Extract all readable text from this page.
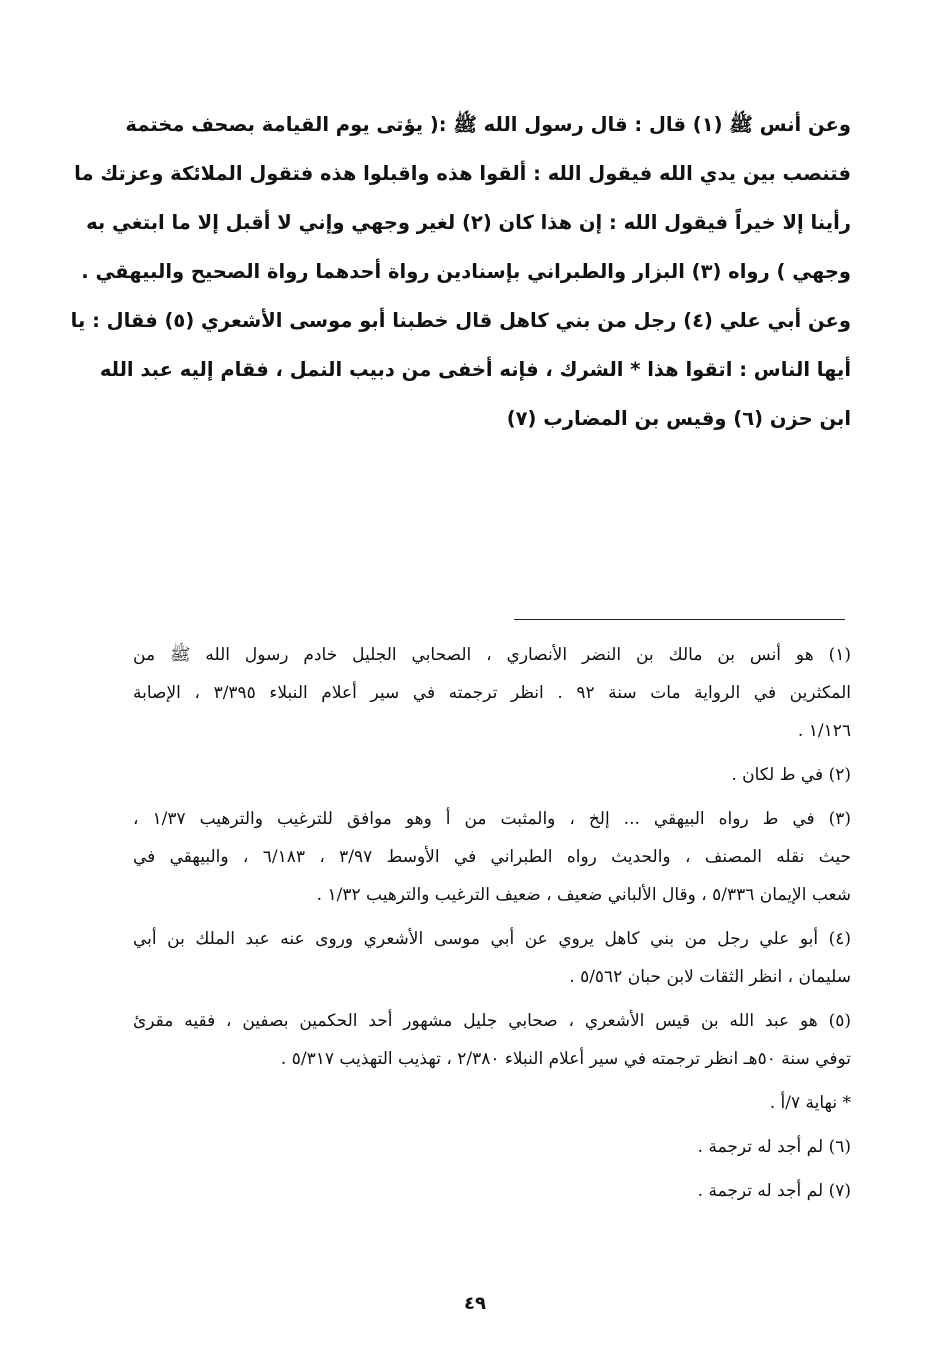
وعن أنس ﷺ (١) قال : قال رسول الله ﷺ :( يؤتى يوم القيامة بصحف مختمة
فتنصب بين يدي الله فيقول الله : ألقوا هذه واقبلوا هذه فتقول الملائكة وعزتك ما
رأينا إلا خيراً فيقول الله : إن هذا كان (٢) لغير وجهي وإني لا أقبل إلا ما ابتغي به
وجهي ) رواه (٣) البزار والطبراني بإسنادين رواة أحدهما رواة الصحيح والبيهقي .
وعن أبي علي (٤) رجل من بني كاهل قال خطبنا أبو موسى الأشعري (٥) فقال : يا
أيها الناس : اتقوا هذا * الشرك ، فإنه أخفى من دبيب النمل ، فقام إليه عبد الله
ابن حزن (٦) وقيس بن المضارب (٧)
(١) هو أنس بن مالك بن النضر الأنصاري ، الصحابي الجليل خادم رسول الله ﷺ من
المكثرين في الرواية مات سنة ٩٢ . انظر ترجمته في سير أعلام النبلاء ٣/٣٩٥ ، الإصابة
١/١٢٦ .
(٢) في ط لكان .
(٣) في ط رواه البيهقي ... إلخ ، والمثبت من أ وهو موافق للترغيب والترهيب ١/٣٧ ،
حيث نقله المصنف ، والحديث رواه الطبراني في الأوسط ٣/٩٧ ، ٦/١٨٣ ، والبيهقي في
شعب الإيمان ٥/٣٣٦ ، وقال الألباني ضعيف ، ضعيف الترغيب والترهيب ١/٣٢ .
(٤) أبو علي رجل من بني كاهل يروي عن أبي موسى الأشعري وروى عنه عبد الملك بن أبي
سليمان ، انظر الثقات لابن حبان ٥/٥٦٢ .
(٥) هو عبد الله بن قيس الأشعري ، صحابي جليل مشهور أحد الحكمين بصفين ، فقيه مقرئ
توفي سنة ٥٠هـ انظر ترجمته في سير أعلام النبلاء ٢/٣٨٠ ، تهذيب التهذيب ٥/٣١٧ .
* نهاية ٧/أ .
(٦) لم أجد له ترجمة .
(٧) لم أجد له ترجمة .
٤٩
